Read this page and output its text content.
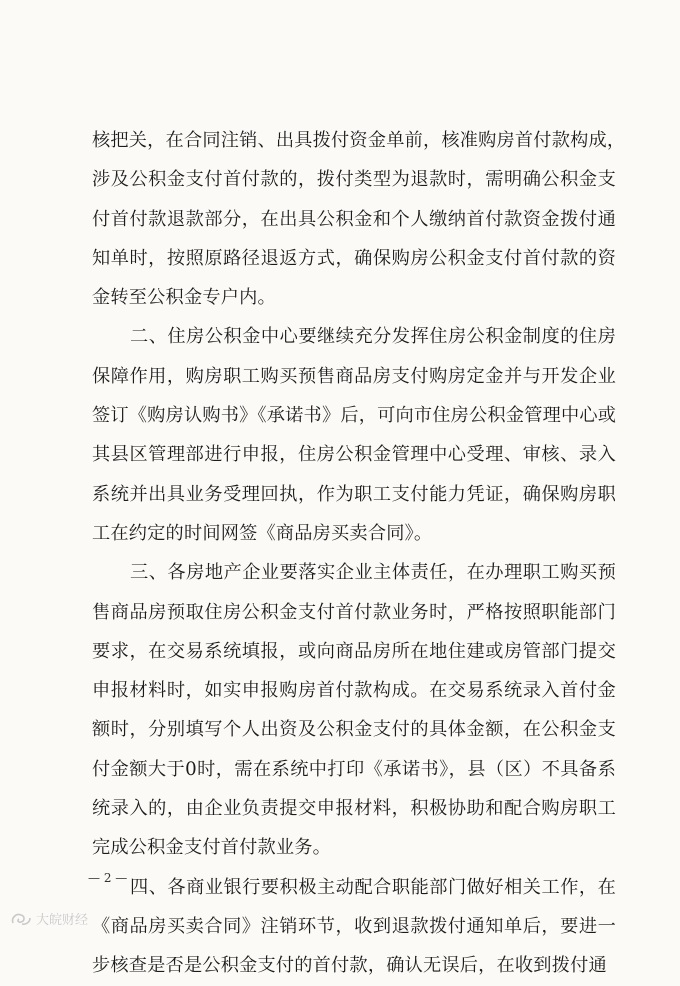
核把关，在合同注销、出具拨付资金单前，核准购房首付款构成，
涉及公积金支付首付款的，拨付类型为退款时，需明确公积金支
付首付款退款部分，在出具公积金和个人缴纳首付款资金拨付通
知单时，按照原路径退返方式，确保购房公积金支付首付款的资
金转至公积金专户内。
二、住房公积金中心要继续充分发挥住房公积金制度的住房
保障作用，购房职工购买预售商品房支付购房定金并与开发企业
签订《购房认购书》《承诺书》后，可向市住房公积金管理中心或
其县区管理部进行申报，住房公积金管理中心受理、审核、录入
系统并出具业务受理回执，作为职工支付能力凭证，确保购房职
工在约定的时间网签《商品房买卖合同》。
三、各房地产企业要落实企业主体责任，在办理职工购买预
售商品房预取住房公积金支付首付款业务时，严格按照职能部门
要求，在交易系统填报，或向商品房所在地住建或房管部门提交
申报材料时，如实申报购房首付款构成。在交易系统录入首付金
额时，分别填写个人出资及公积金支付的具体金额，在公积金支
付金额大于0时，需在系统中打印《承诺书》，县（区）不具备系
统录入的，由企业负责提交申报材料，积极协助和配合购房职工
完成公积金支付首付款业务。
四、各商业银行要积极主动配合职能部门做好相关工作，在
《商品房买卖合同》注销环节，收到退款拨付通知单后，要进一
步核查是否是公积金支付的首付款，确认无误后，在收到拨付通
— 2 —
大皖财经
